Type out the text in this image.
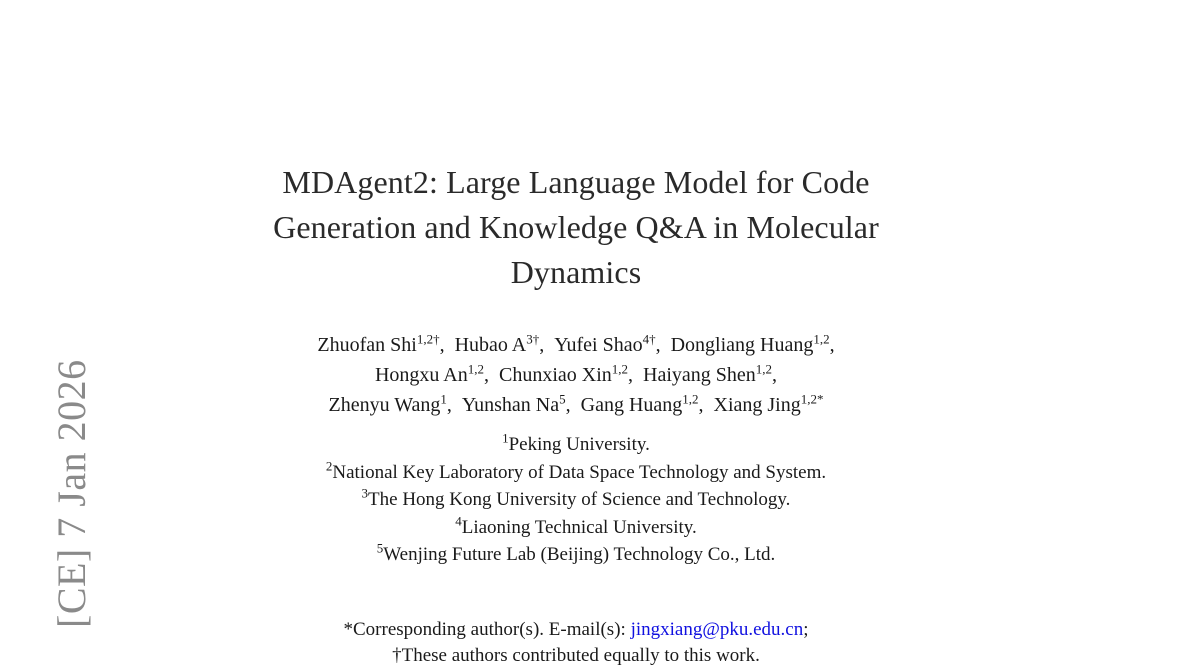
MDAgent2: Large Language Model for Code
Generation and Knowledge Q&A in Molecular
Dynamics
Zhuofan Shi$^{1,2\dagger}$,  Hubao $A^{3\dagger}$,  Yufei Shao$^{4\dagger}$,  Dongliang Huang$^{1,2}$,
Hongxu An$^{1,2}$,  Chunxiao Xin$^{1,2}$,  Haiyang Shen$^{1,2}$,
Zhenyu Wang$^1$,  Yunshan Na$^5$,  Gang Huang$^{1,2}$,  Xiang Jing$^{1,2*}$
$^1$Peking University.
$^2$National Key Laboratory of Data Space Technology and System.
$^3$The Hong Kong University of Science and Technology.
$^4$Liaoning Technical University.
$^5$Wenjing Future Lab (Beijing) Technology Co., Ltd.
*Corresponding author(s). E-mail(s): jingxiang@pku.edu.cn;
†These authors contributed equally to this work.
[CE] 7 Jan 2026
